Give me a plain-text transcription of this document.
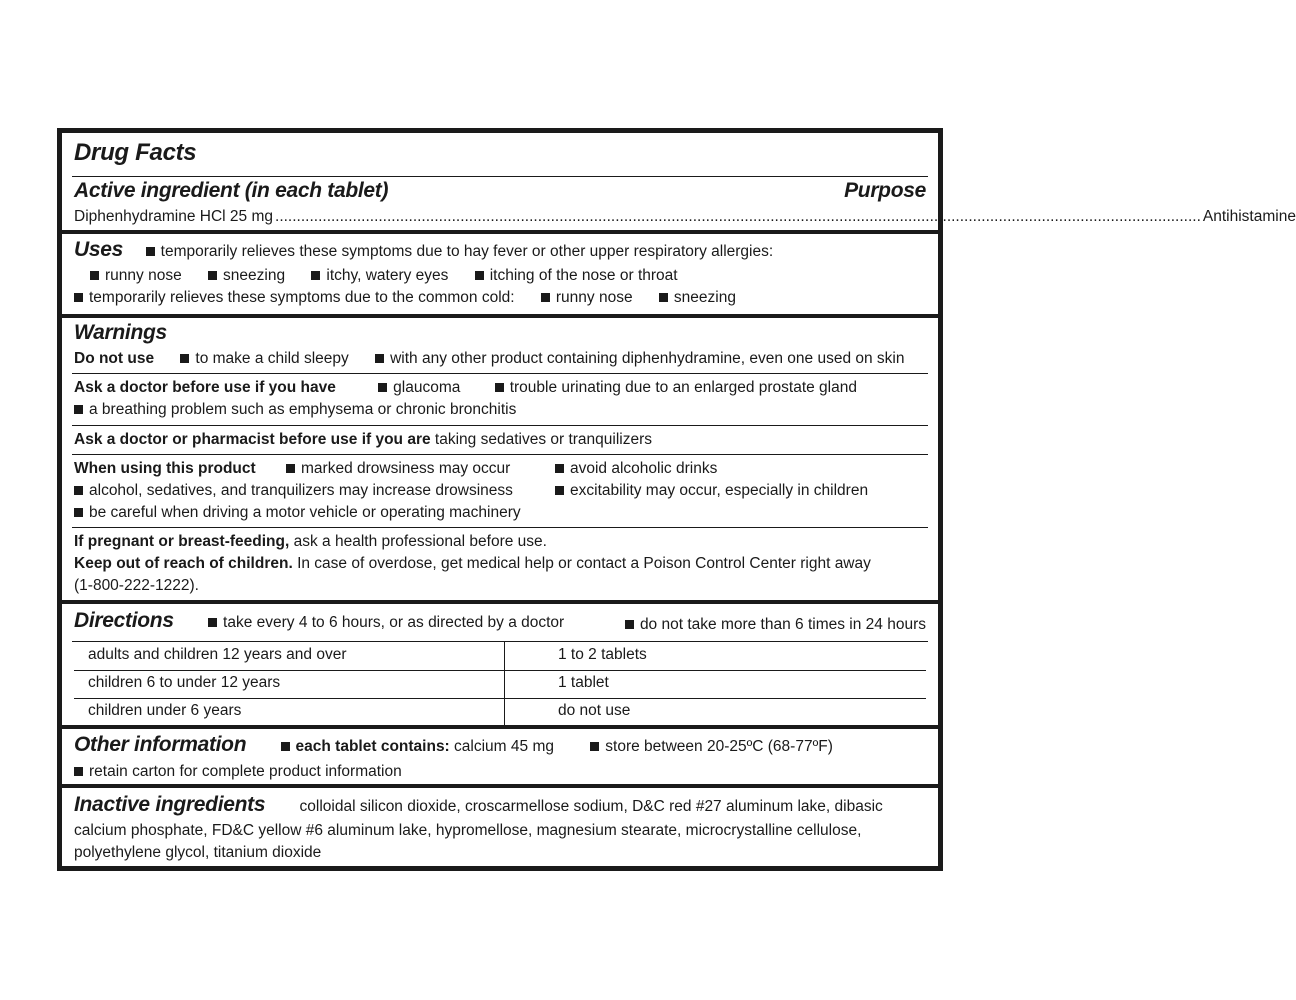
Drug Facts
Active ingredient (in each tablet)	Purpose
Diphenhydramine HCl 25 mg ....................................................................................................................................................................................................................... Antihistamine
Uses temporarily relieves these symptoms due to hay fever or other upper respiratory allergies:
runny nose	sneezing	itchy, watery eyes	itching of the nose or throat
temporarily relieves these symptoms due to the common cold:	runny nose	sneezing
Warnings
Do not use	to make a child sleepy	with any other product containing diphenhydramine, even one used on skin
Ask a doctor before use if you have	glaucoma	trouble urinating due to an enlarged prostate gland
a breathing problem such as emphysema or chronic bronchitis
Ask a doctor or pharmacist before use if you are taking sedatives or tranquilizers
When using this product	marked drowsiness may occur	avoid alcoholic drinks
alcohol, sedatives, and tranquilizers may increase drowsiness	excitability may occur, especially in children
be careful when driving a motor vehicle or operating machinery
If pregnant or breast-feeding, ask a health professional before use.
Keep out of reach of children. In case of overdose, get medical help or contact a Poison Control Center right away
(1-800-222-1222).
Directions	take every 4 to 6 hours, or as directed by a doctor	do not take more than 6 times in 24 hours
adults and children 12 years and over	1 to 2 tablets
children 6 to under 12 years	1 tablet
children under 6 years	do not use
Other information	each tablet contains: calcium 45 mg	store between 20-25ºC (68-77ºF)
retain carton for complete product information
Inactive ingredients colloidal silicon dioxide, croscarmellose sodium, D&C red #27 aluminum lake, dibasic
calcium phosphate, FD&C yellow #6 aluminum lake, hypromellose, magnesium stearate, microcrystalline cellulose,
polyethylene glycol, titanium dioxide
